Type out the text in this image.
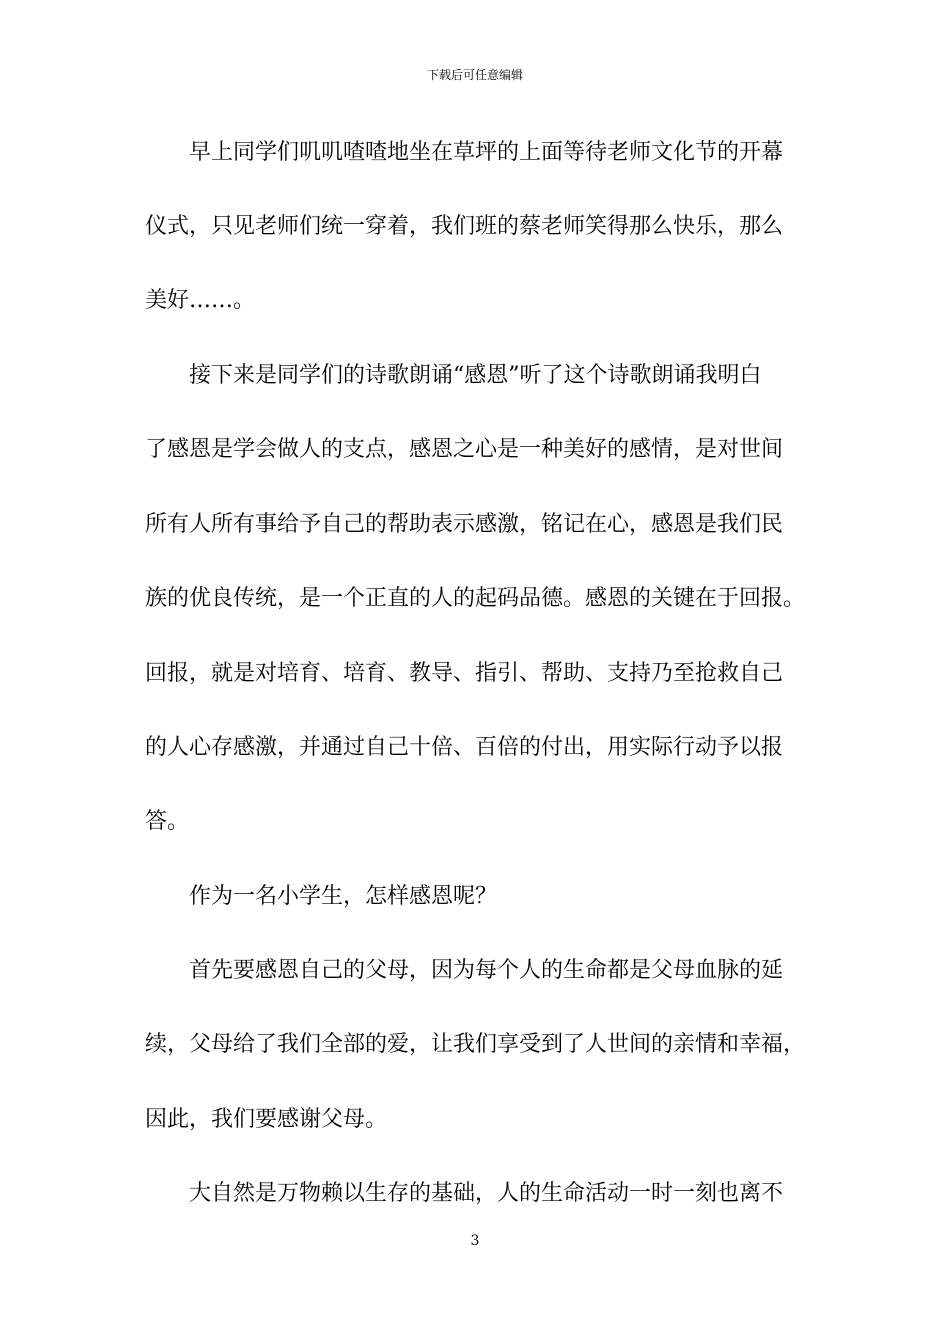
下载后可任意编辑
早上同学们叽叽喳喳地坐在草坪的上面等待老师文化节的开幕
仪式，只见老师们统一穿着，我们班的蔡老师笑得那么快乐，那么
美好……。
接下来是同学们的诗歌朗诵“感恩”听了这个诗歌朗诵我明白
了感恩是学会做人的支点，感恩之心是一种美好的感情，是对世间
所有人所有事给予自己的帮助表示感激，铭记在心，感恩是我们民
族的优良传统，是一个正直的人的起码品德。感恩的关键在于回报。
回报，就是对培育、培育、教导、指引、帮助、支持乃至抢救自己
的人心存感激，并通过自己十倍、百倍的付出，用实际行动予以报
答。
作为一名小学生，怎样感恩呢？
首先要感恩自己的父母，因为每个人的生命都是父母血脉的延
续，父母给了我们全部的爱，让我们享受到了人世间的亲情和幸福，
因此，我们要感谢父母。
大自然是万物赖以生存的基础，人的生命活动一时一刻也离不
3
